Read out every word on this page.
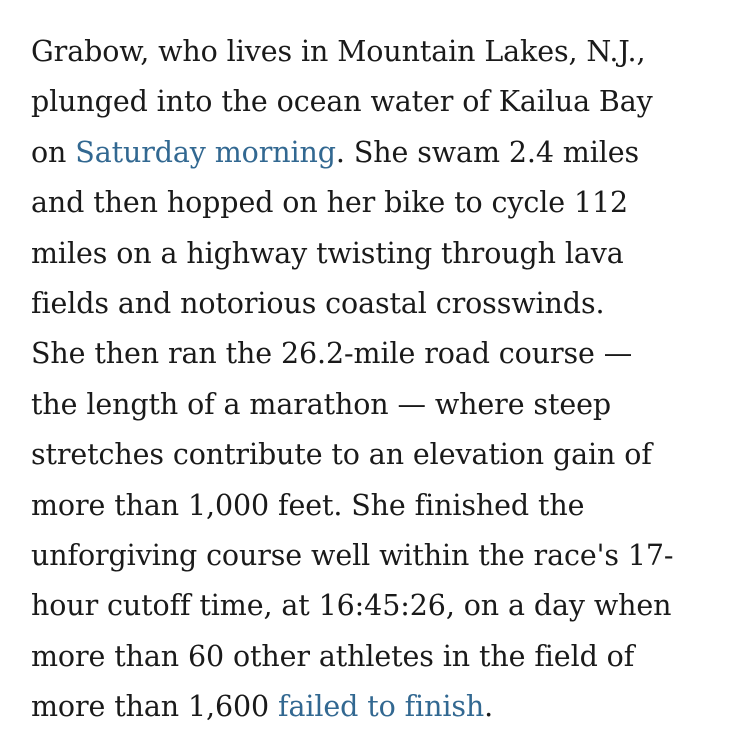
Grabow, who lives in Mountain Lakes, N.J.,
plunged into the ocean water of Kailua Bay
on Saturday morning. She swam 2.4 miles
and then hopped on her bike to cycle 112
miles on a highway twisting through lava
fields and notorious coastal crosswinds.
She then ran the 26.2-mile road course —
the length of a marathon — where steep
stretches contribute to an elevation gain of
more than 1,000 feet. She finished the
unforgiving course well within the race's 17-
hour cutoff time, at 16:45:26, on a day when
more than 60 other athletes in the field of
more than 1,600 failed to finish.
